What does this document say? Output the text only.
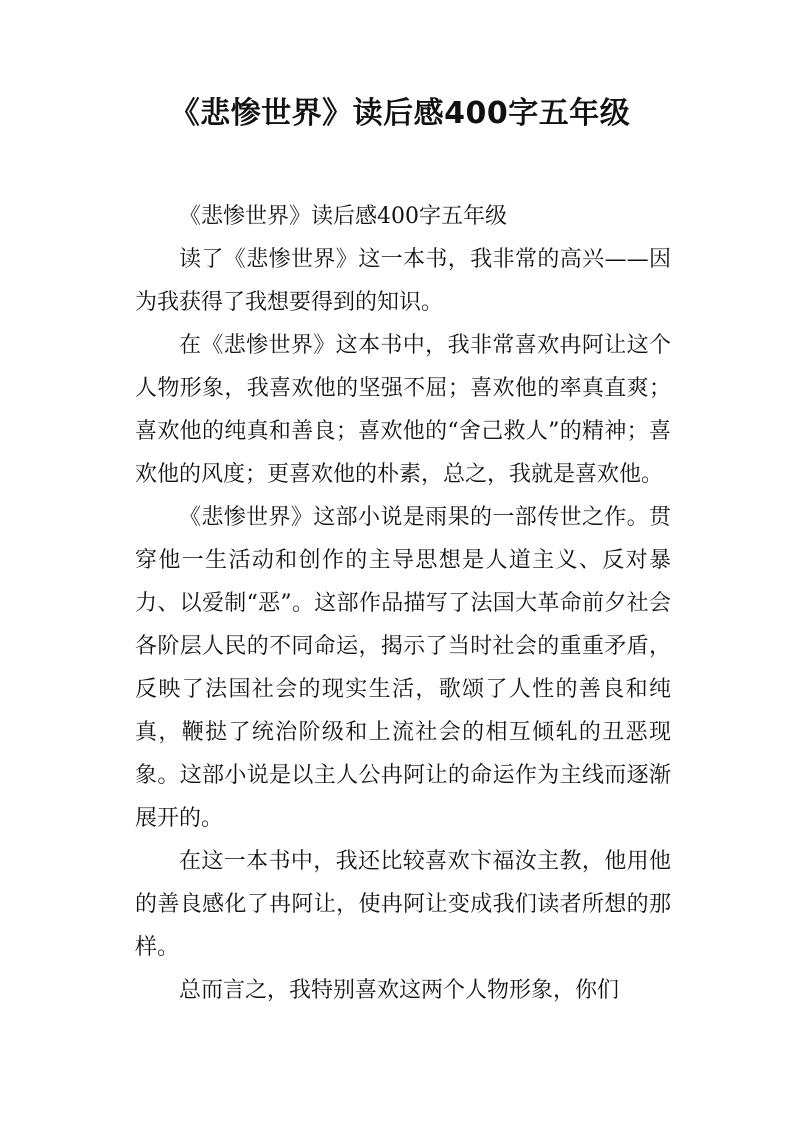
《悲惨世界》读后感400字五年级

《悲惨世界》读后感400字五年级

读了《悲惨世界》这一本书，我非常的高兴——因为我获得了我想要得到的知识。

在《悲惨世界》这本书中，我非常喜欢冉阿让这个人物形象，我喜欢他的坚强不屈；喜欢他的率真直爽；喜欢他的纯真和善良；喜欢他的“舍己救人”的精神；喜欢他的风度；更喜欢他的朴素，总之，我就是喜欢他。

《悲惨世界》这部小说是雨果的一部传世之作。贯穿他一生活动和创作的主导思想是人道主义、反对暴力、以爱制“恶”。这部作品描写了法国大革命前夕社会各阶层人民的不同命运，揭示了当时社会的重重矛盾，反映了法国社会的现实生活，歌颂了人性的善良和纯真，鞭挞了统治阶级和上流社会的相互倾轧的丑恶现象。这部小说是以主人公冉阿让的命运作为主线而逐渐展开的。

在这一本书中，我还比较喜欢卞福汝主教，他用他的善良感化了冉阿让，使冉阿让变成我们读者所想的那样。

总而言之，我特别喜欢这两个人物形象，你们
